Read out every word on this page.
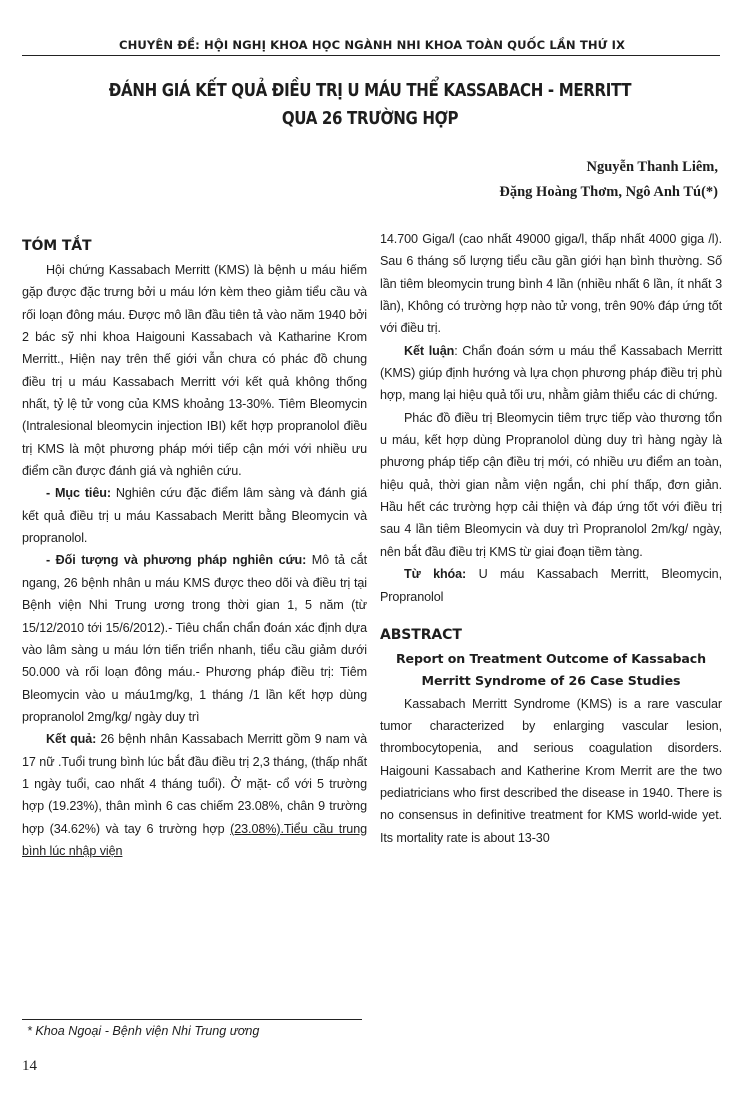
CHUYÊN ĐỀ: HỘI NGHỊ KHOA HỌC NGÀNH NHI KHOA TOÀN QUỐC LẦN THỨ IX
ĐÁNH GIÁ KẾT QUẢ ĐIỀU TRỊ U MÁU THỂ KASSABACH - MERRITT
QUA 26 TRƯỜNG HỢP
Nguyễn Thanh Liêm,
Đặng Hoàng Thơm, Ngô Anh Tú(*)
TÓM TẮT

Hội chứng Kassabach Merritt (KMS) là bệnh u máu hiếm gặp được đặc trưng bởi u máu lớn kèm theo giảm tiểu cầu và rối loạn đông máu. Được mô lần đầu tiên tả vào năm 1940 bởi 2 bác sỹ nhi khoa Haigouni Kassabach và Katharine Krom Merritt., Hiện nay trên thế giới vẫn chưa có phác đồ chung điều trị u máu Kassabach Merritt với kết quả không thống nhất, tỷ lệ tử vong của KMS khoảng 13-30%. Tiêm Bleomycin (Intralesional bleomycin injection IBI) kết hợp propranolol điều trị KMS là một phương pháp mới tiếp cận mới với nhiều ưu điểm cần được đánh giá và nghiên cứu.

- Mục tiêu: Nghiên cứu đặc điểm lâm sàng và đánh giá kết quả điều trị u máu Kassabach Meritt bằng Bleomycin và propranolol.

- Đối tượng và phương pháp nghiên cứu: Mô tả cắt ngang, 26 bệnh nhân u máu KMS được theo dõi và điều trị tại Bệnh viện Nhi Trung ương trong thời gian 1, 5 năm (từ 15/12/2010 tới 15/6/2012).- Tiêu chẩn chẩn đoán xác định dựa vào lâm sàng u máu lớn tiến triển nhanh, tiểu cầu giảm dưới 50.000 và rối loạn đông máu.- Phương pháp điều trị: Tiêm Bleomycin vào u máu1mg/kg, 1 tháng /1 lần kết hợp dùng propranolol 2mg/kg/ ngày duy trì

Kết quả: 26 bệnh nhân Kassabach Merritt gồm 9 nam và 17 nữ .Tuổi trung bình lúc bắt đầu điều trị 2,3 tháng, (thấp nhất 1 ngày tuổi, cao nhất 4 tháng tuổi). Ở mặt- cổ với 5 trường hợp (19.23%), thân mình 6 cas chiếm 23.08%, chân 9 trường hợp (34.62%) và tay 6 trường hợp (23.08%).Tiểu cầu trung bình lúc nhập viện

14.700 Giga/l (cao nhất 49000 giga/l, thấp nhất 4000 giga /l). Sau 6 tháng số lượng tiểu cầu gần giới hạn bình thường. Số lần tiêm bleomycin trung bình 4 lần (nhiều nhất 6 lần, ít nhất 3 lần), Không có trường hợp nào tử vong, trên 90% đáp ứng tốt với điều trị.

Kết luận: Chẩn đoán sớm u máu thể Kassabach Merritt (KMS) giúp định hướng và lựa chọn phương pháp điều trị phù hợp, mang lại hiệu quả tối ưu, nhằm giảm thiểu các di chứng.

Phác đồ điều trị Bleomycin tiêm trực tiếp vào thương tổn u máu, kết hợp dùng Propranolol dùng duy trì hàng ngày là phương pháp tiếp cận điều trị mới, có nhiều ưu điểm an toàn, hiệu quả, thời gian nằm viện ngắn, chi phí thấp, đơn giản. Hầu hết các trường hợp cải thiện và đáp ứng tốt với điều trị sau 4 lần tiêm Bleomycin và duy trì Propranolol 2m/kg/ ngày, nên bắt đầu điều trị KMS từ giai đoạn tiềm tàng.

Từ khóa: U máu Kassabach Merritt, Bleomycin, Propranolol

ABSTRACT
Report on Treatment Outcome of Kassabach Merritt Syndrome of 26 Case Studies

Kassabach Merritt Syndrome (KMS) is a rare vascular tumor characterized by enlarging vascular lesion, thrombocytopenia, and serious coagulation disorders. Haigouni Kassabach and Katherine Krom Merrit are the two pediatricians who first described the disease in 1940. There is no consensus in definitive treatment for KMS world-wide yet. Its mortality rate is about 13-30

* Khoa Ngoại - Bệnh viện Nhi Trung ương
14
